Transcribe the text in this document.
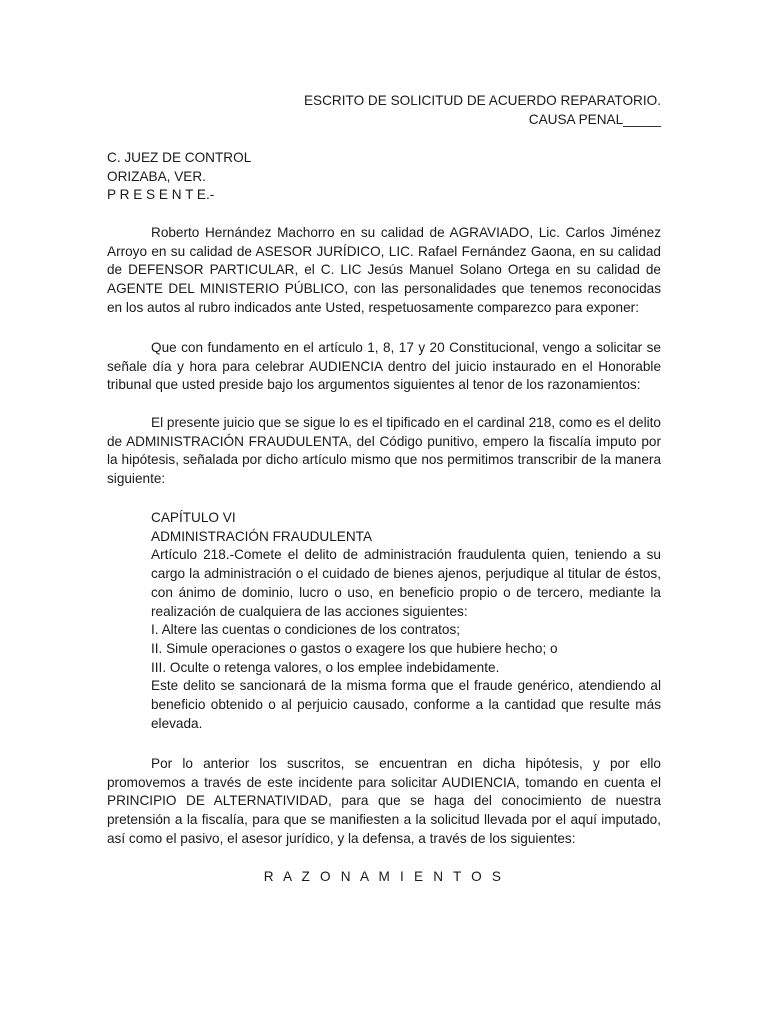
ESCRITO DE SOLICITUD DE ACUERDO REPARATORIO.
CAUSA PENAL_____
C. JUEZ DE CONTROL
ORIZABA, VER.
P R E S E N T E.-

Roberto Hernández Machorro en su calidad de AGRAVIADO, Lic. Carlos Jiménez Arroyo en su calidad de ASESOR JURÍDICO, LIC. Rafael Fernández Gaona, en su calidad de DEFENSOR PARTICULAR, el C. LIC Jesús Manuel Solano Ortega en su calidad de AGENTE DEL MINISTERIO PÚBLICO, con las personalidades que tenemos reconocidas en los autos al rubro indicados ante Usted, respetuosamente comparezco para exponer:

Que con fundamento en el artículo 1, 8, 17 y 20 Constitucional, vengo a solicitar se señale día y hora para celebrar AUDIENCIA dentro del juicio instaurado en el Honorable tribunal que usted preside bajo los argumentos siguientes al tenor de los razonamientos:

El presente juicio que se sigue lo es el tipificado en el cardinal 218, como es el delito de ADMINISTRACIÓN FRAUDULENTA, del Código punitivo, empero la fiscalía imputo por la hipótesis, señalada por dicho artículo mismo que nos permitimos transcribir de la manera siguiente:

CAPÍTULO VI
ADMINISTRACIÓN FRAUDULENTA
Artículo 218.-Comete el delito de administración fraudulenta quien, teniendo a su cargo la administración o el cuidado de bienes ajenos, perjudique al titular de éstos, con ánimo de dominio, lucro o uso, en beneficio propio o de tercero, mediante la realización de cualquiera de las acciones siguientes:
I. Altere las cuentas o condiciones de los contratos;
II. Simule operaciones o gastos o exagere los que hubiere hecho; o
III. Oculte o retenga valores, o los emplee indebidamente.
Este delito se sancionará de la misma forma que el fraude genérico, atendiendo al beneficio obtenido o al perjuicio causado, conforme a la cantidad que resulte más elevada.

Por lo anterior los suscritos, se encuentran en dicha hipótesis, y por ello promovemos a través de este incidente para solicitar AUDIENCIA, tomando en cuenta el PRINCIPIO DE ALTERNATIVIDAD, para que se haga del conocimiento de nuestra pretensión a la fiscalía, para que se manifiesten a la solicitud llevada por el aquí imputado, así como el pasivo, el asesor jurídico, y la defensa, a través de los siguientes:

R A Z O N A M I E N T O S
